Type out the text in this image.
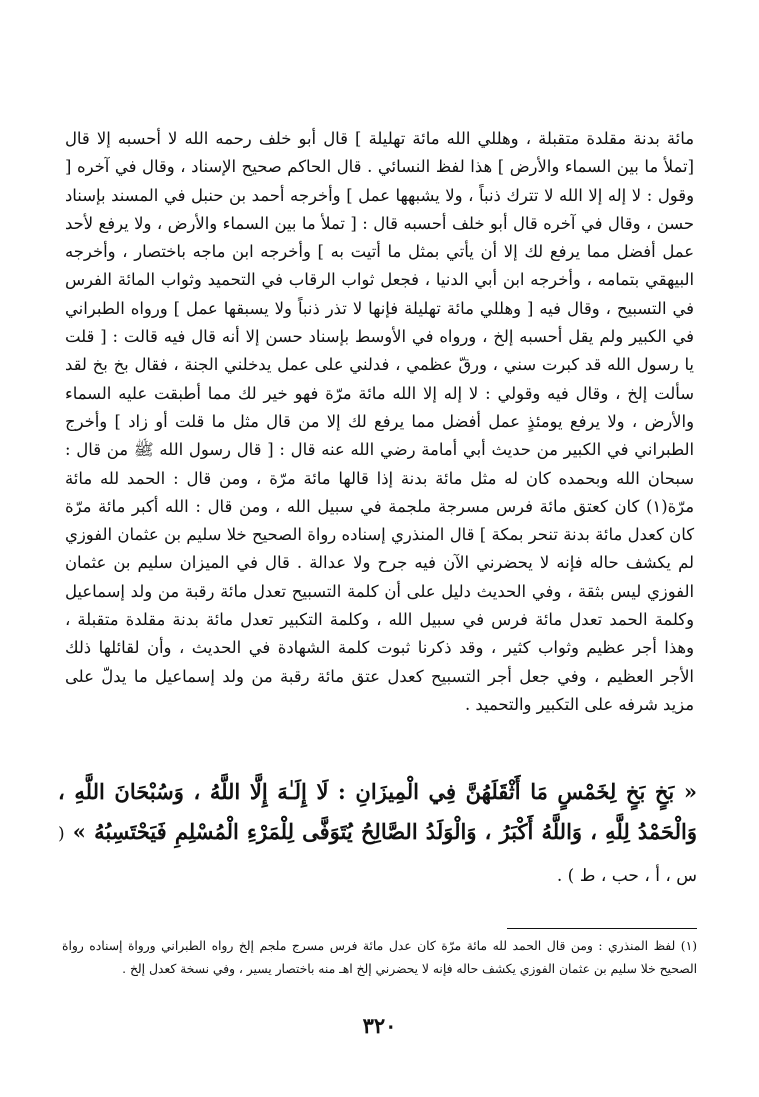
مائة بدنة مقلدة متقبلة ، وهللي الله مائة تهليلة ] قال أبو خلف رحمه الله لا أحسبه إلا قال [تملأ ما بين السماء والأرض ] هذا لفظ النسائي . قال الحاكم صحيح الإسناد ، وقال في آخره [ وقول : لا إله إلا الله لا تترك ذنباً ، ولا يشبهها عمل ] وأخرجه أحمد بن حنبل في المسند بإسناد حسن ، وقال في آخره قال أبو خلف أحسبه قال : [ تملأ ما بين السماء والأرض ، ولا يرفع لأحد عمل أفضل مما يرفع لك إلا أن يأتي بمثل ما أتيت به ] وأخرجه ابن ماجه باختصار ، وأخرجه البيهقي بتمامه ، وأخرجه ابن أبي الدنيا ، فجعل ثواب الرقاب في التحميد وثواب المائة الفرس في التسبيح ، وقال فيه [ وهللي مائة تهليلة فإنها لا تذر ذنباً ولا يسبقها عمل ] ورواه الطبراني في الكبير ولم يقل أحسبه إلخ ، ورواه في الأوسط بإسناد حسن إلا أنه قال فيه قالت : [ قلت يا رسول الله قد كبرت سني ، ورقّ عظمي ، فدلني على عمل يدخلني الجنة ، فقال بخ بخ لقد سألت إلخ ، وقال فيه وقولي : لا إله إلا الله مائة مرّة فهو خير لك مما أطبقت عليه السماء والأرض ، ولا يرفع يومئذٍ عمل أفضل مما يرفع لك إلا من قال مثل ما قلت أو زاد ] وأخرج الطبراني في الكبير من حديث أبي أمامة رضي الله عنه قال : [ قال رسول الله ﷺ من قال : سبحان الله وبحمده كان له مثل مائة بدنة إذا قالها مائة مرّة ، ومن قال : الحمد لله مائة مرّة(١) كان كعتق مائة فرس مسرجة ملجمة في سبيل الله ، ومن قال : الله أكبر مائة مرّة كان كعدل مائة بدنة تنحر بمكة ] قال المنذري إسناده رواة الصحيح خلا سليم بن عثمان الفوزي لم يكشف حاله فإنه لا يحضرني الآن فيه جرح ولا عدالة . قال في الميزان سليم بن عثمان الفوزي ليس بثقة ، وفي الحديث دليل على أن كلمة التسبيح تعدل مائة رقبة من ولد إسماعيل وكلمة الحمد تعدل مائة فرس في سبيل الله ، وكلمة التكبير تعدل مائة بدنة مقلدة متقبلة ، وهذا أجر عظيم وثواب كثير ، وقد ذكرنا ثبوت كلمة الشهادة في الحديث ، وأن لقائلها ذلك الأجر العظيم ، وفي جعل أجر التسبيح كعدل عتق مائة رقبة من ولد إسماعيل ما يدلّ على مزيد شرفه على التكبير والتحميد .

« بَخٍ بَخٍ لِخَمْسٍ مَا أَثْقَلَهُنَّ فِي الْمِيزَانِ : لَا إِلَـٰهَ إِلَّا اللَّهُ ، وَسُبْحَانَ اللَّهِ ، وَالْحَمْدُ لِلَّهِ ، وَاللَّهُ أَكْبَرُ ، وَالْوَلَدُ الصَّالِحُ يُتَوَفَّى لِلْمَرْءِ الْمُسْلِمِ فَيَحْتَسِبُهُ » ( س ، أ ، حب ، ط ) .

(١) لفظ المنذري : ومن قال الحمد لله مائة مرّة كان عدل مائة فرس مسرج ملجم إلخ رواه الطبراني ورواة إسناده رواة الصحيح خلا سليم بن عثمان الفوزي يكشف حاله فإنه لا يحضرني إلخ اهـ منه باختصار يسير ، وفي نسخة كعدل إلخ .

٣٢٠
